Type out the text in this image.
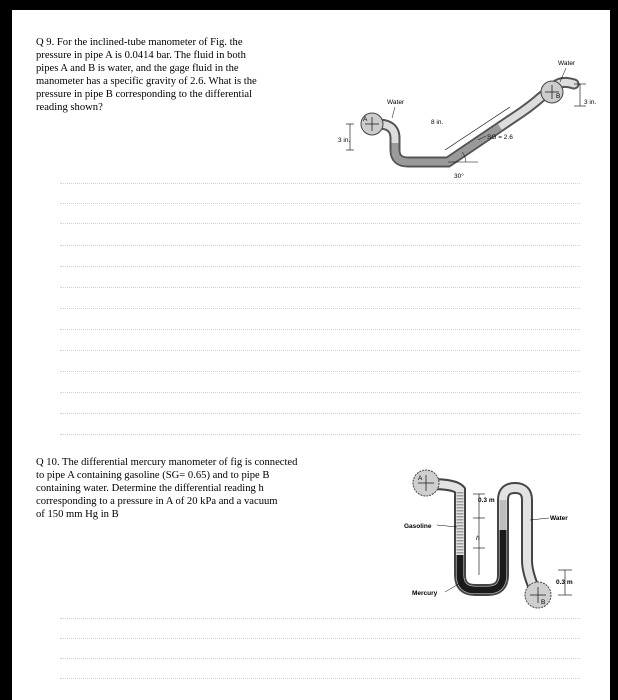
Q 9. For the inclined-tube manometer of Fig. the
pressure in pipe A is 0.0414 bar. The fluid in both
pipes A and B is water, and the gage fluid in the
manometer has a specific gravity of 2.6. What is the
pressure in pipe B corresponding to the differential
reading shown?
A
B
Water
Water
3 in.
3 in.
8 in.
30°
SG = 2.6
Q 10. The differential mercury manometer of fig is connected
to pipe A containing gasoline (SG= 0.65) and to pipe B
containing water. Determine the differential reading h
corresponding to a pressure in A of 20 kPa and a vacuum
of 150 mm Hg in B
A
B
0.3 m
h
0.3 m
Gasoline
Water
Mercury
